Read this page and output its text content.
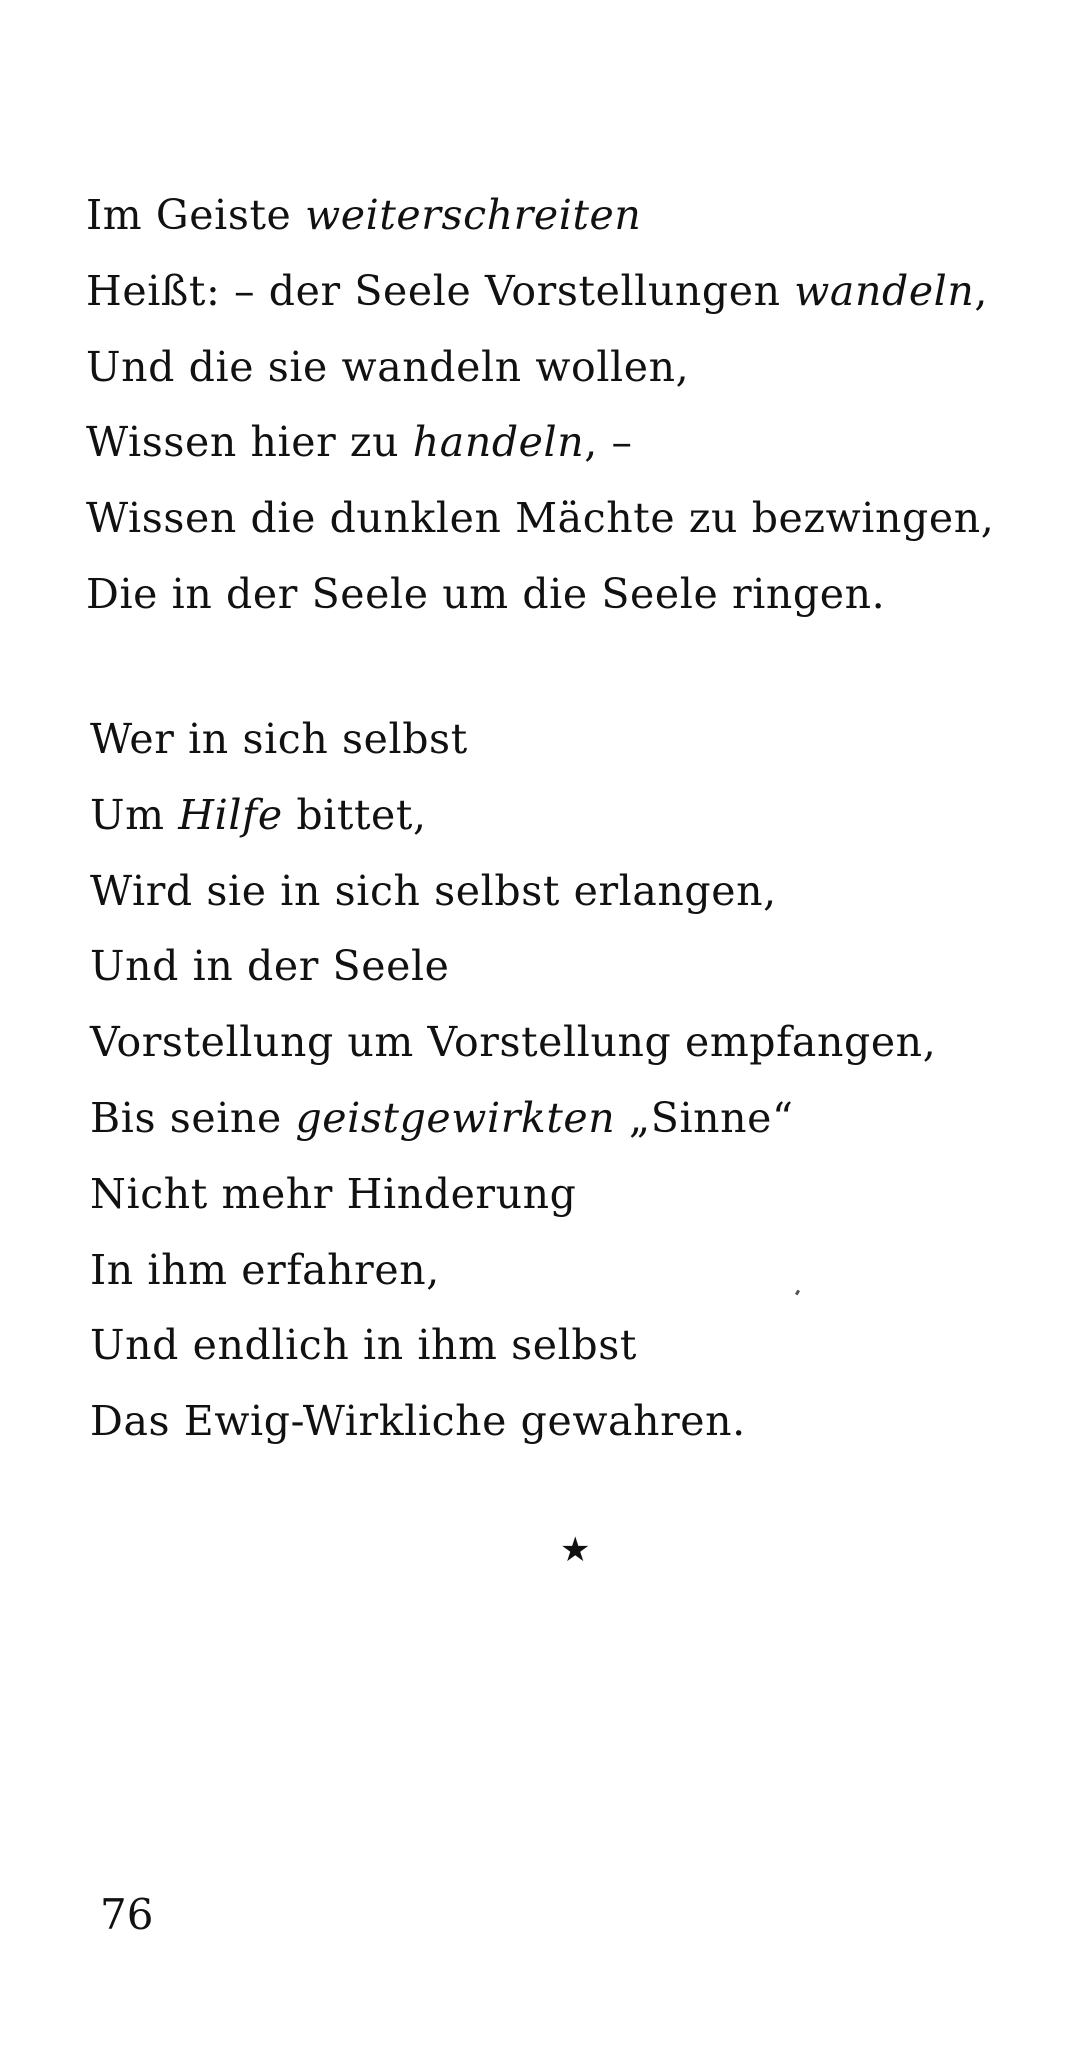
Im Geiste weiterschreiten
Heißt: – der Seele Vorstellungen wandeln,
Und die sie wandeln wollen,
Wissen hier zu handeln, –
Wissen die dunklen Mächte zu bezwingen,
Die in der Seele um die Seele ringen.
Wer in sich selbst
Um Hilfe bittet,
Wird sie in sich selbst erlangen,
Und in der Seele
Vorstellung um Vorstellung empfangen,
Bis seine geistgewirkten „Sinne“
Nicht mehr Hinderung
In ihm erfahren,
Und endlich in ihm selbst
Das Ewig-Wirkliche gewahren.
★
76
